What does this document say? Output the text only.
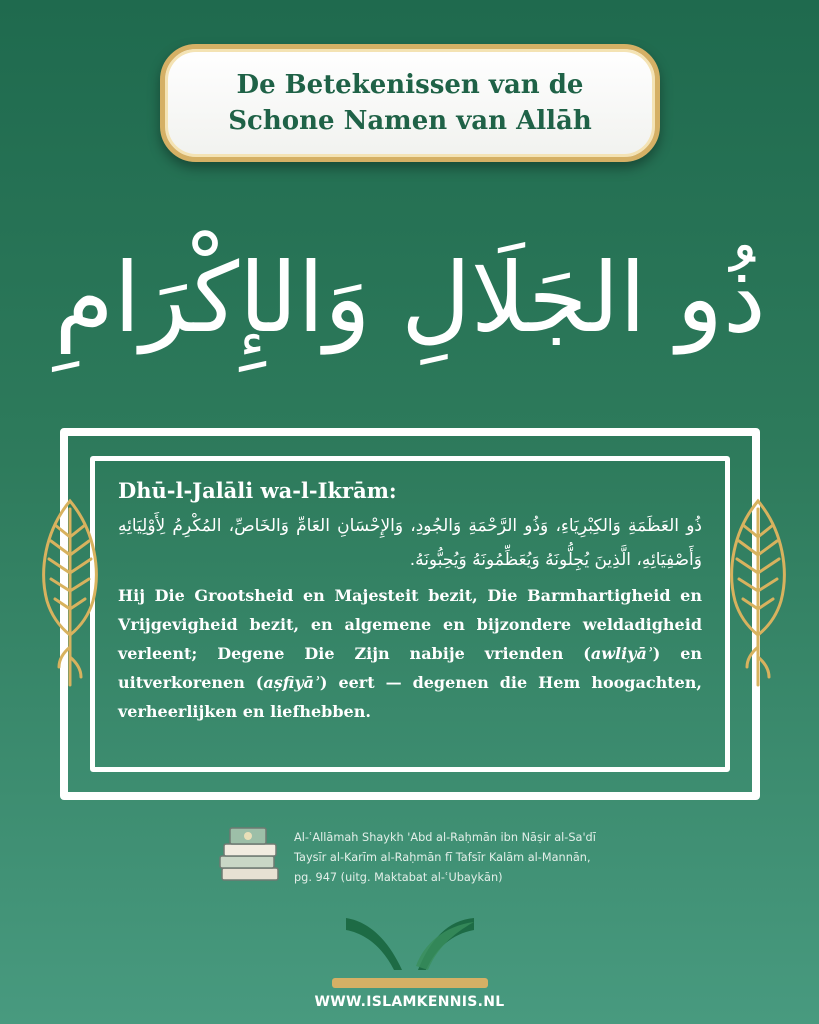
De Betekenissen van de
Schone Namen van Allāh
ذُو الجَلَالِ وَالإِكْرَامِ
Dhū-l-Jalāli wa-l-Ikrām:

ذُو العَظَمَةِ وَالكِبْرِيَاءِ، وَذُو الرَّحْمَةِ وَالجُودِ، وَالإِحْسَانِ العَامِّ وَالخَاصِّ، المُكْرِمُ لِأَوْلِيَائِهِ وَأَصْفِيَائِهِ، الَّذِينَ يُجِلُّونَهُ وَيُعَظِّمُونَهُ وَيُحِبُّونَهُ.

Hij Die Grootsheid en Majesteit bezit, Die Barmhartigheid en Vrijgevigheid bezit, en algemene en bijzondere weldadigheid verleent; Degene Die Zijn nabije vrienden (awliyāʾ) en uitverkorenen (aṣfiyāʾ) eert — degenen die Hem hoogachten, verheerlijken en liefhebben.

Al-ʿAllāmah Shaykh 'Abd al-Raḥmān ibn Nāṣir al-Sa'dī
Taysīr al-Karīm al-Raḥmān fī Tafsīr Kalām al-Mannān,
pg. 947 (uitg. Maktabat al-ʿUbaykān)
WWW.ISLAMKENNIS.NL
